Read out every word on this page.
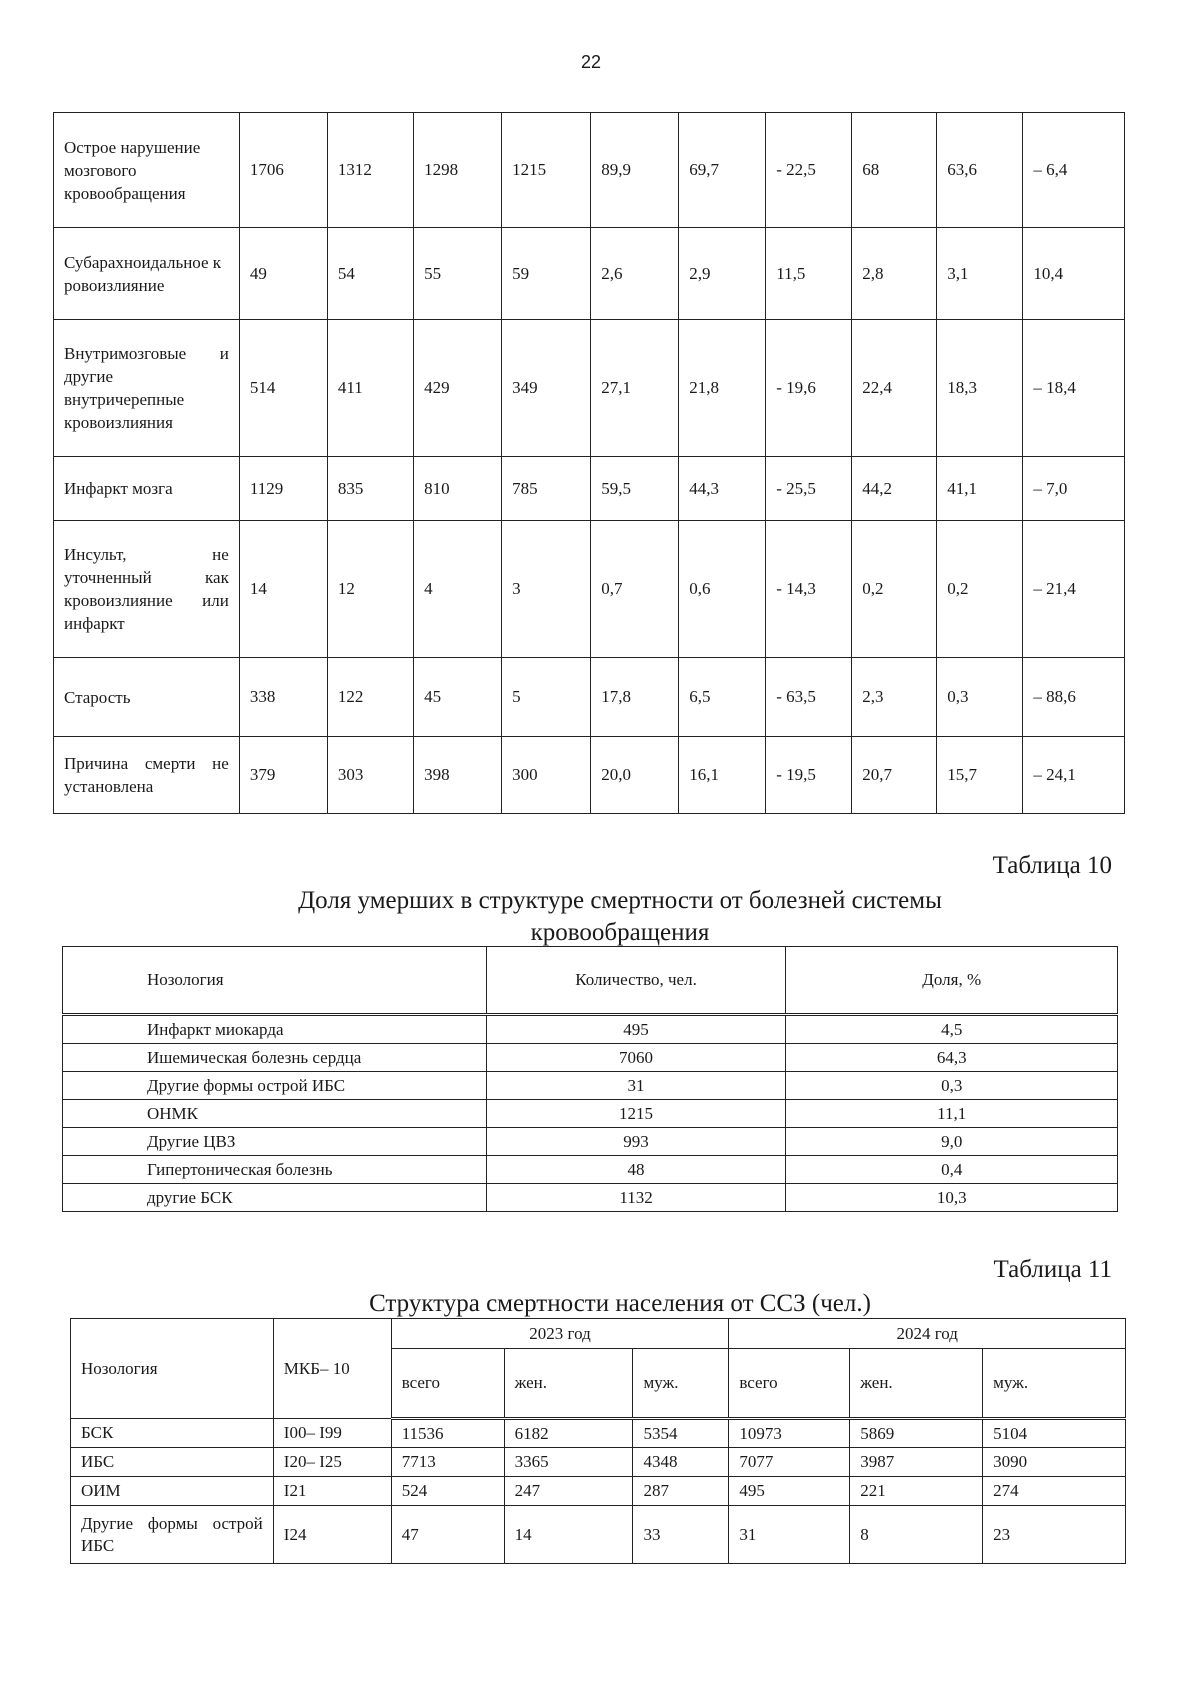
22
Острое нарушение мозгового кровообращения	1706	1312	1298	1215	89,9	69,7	- 22,5	68	63,6	– 6,4
Субарахноидальное кровоизлияние	49	54	55	59	2,6	2,9	11,5	2,8	3,1	10,4
Внутримозговые и другие внутричерепные кровоизлияния	514	411	429	349	27,1	21,8	- 19,6	22,4	18,3	– 18,4
Инфаркт мозга	1129	835	810	785	59,5	44,3	- 25,5	44,2	41,1	– 7,0
Инсульт, не уточненный как кровоизлияние или инфаркт	14	12	4	3	0,7	0,6	- 14,3	0,2	0,2	– 21,4
Старость	338	122	45	5	17,8	6,5	- 63,5	2,3	0,3	– 88,6
Причина смерти не установлена	379	303	398	300	20,0	16,1	- 19,5	20,7	15,7	– 24,1
Таблица 10
Доля умерших в структуре смертности от болезней системы кровообращения
Нозология	Количество, чел.	Доля, %
Инфаркт миокарда	495	4,5
Ишемическая болезнь сердца	7060	64,3
Другие формы острой ИБС	31	0,3
ОНМК	1215	11,1
Другие ЦВЗ	993	9,0
Гипертоническая болезнь	48	0,4
другие БСК	1132	10,3
Таблица 11
Структура смертности населения от ССЗ (чел.)
Нозология	МКБ– 10	2023 год			2024 год		
		всего	жен.	муж.	всего	жен.	муж.
БСК	I00– I99	11536	6182	5354	10973	5869	5104
ИБС	I20– I25	7713	3365	4348	7077	3987	3090
ОИМ	I21	524	247	287	495	221	274
Другие формы острой ИБС	I24	47	14	33	31	8	23
